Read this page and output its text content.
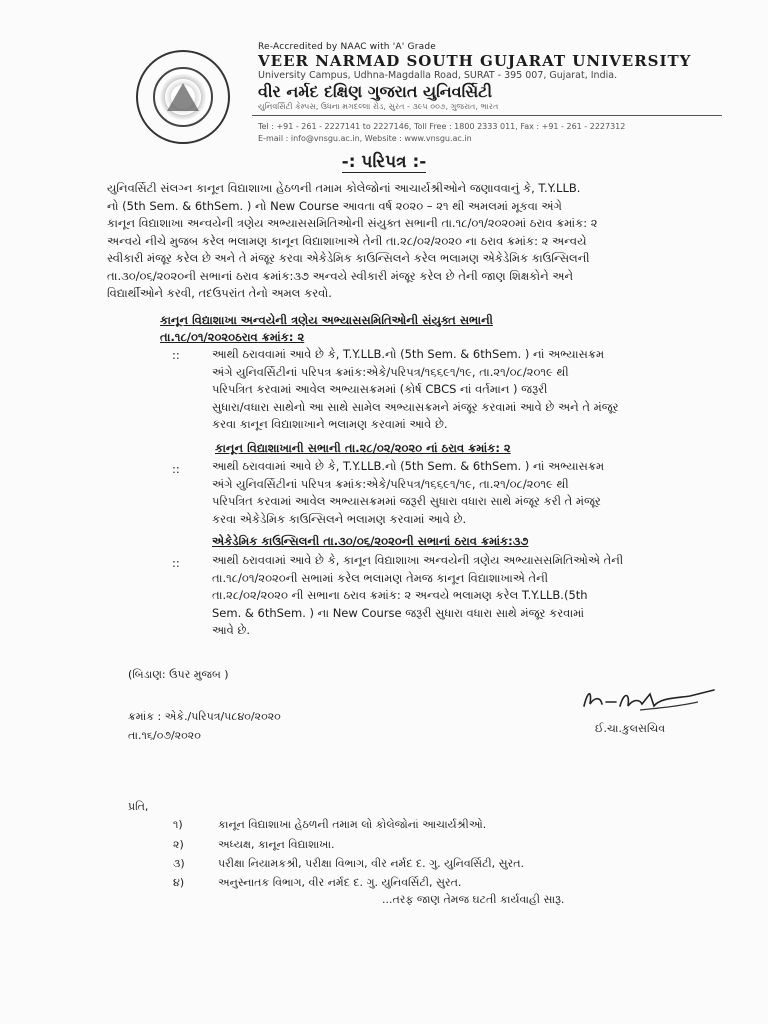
Re-Accredited by NAAC with 'A' Grade
VEER NARMAD SOUTH GUJARAT UNIVERSITY
University Campus, Udhna-Magdalla Road, SURAT - 395 007, Gujarat, India.
વીર નર્મદ દક્ષિણ ગુજરાત યુનિવર્સિટી
યુનિવર્સિટી કેમ્પસ, ઉધના મગદલ્લા રોડ, સુરત - ૩૯૫ ૦૦૭, ગુજરાત, ભારત
Tel : +91 - 261 - 2227141 to 2227146, Toll Free : 1800 2333 011, Fax : +91 - 261 - 2227312
E-mail : info@vnsgu.ac.in, Website : www.vnsgu.ac.in
-: પરિપત્ર :-
યુનિવર્સિટી સંલગ્ન કાનૂન વિદ્યાશાખા હેઠળની તમામ કોલેજોનાં આચાર્યશ્રીઓને જણાવવાનું કે, T.Y.LLB.
નો (5th Sem. & 6thSem. ) નો New Course આવતા વર્ષ ૨૦૨૦ – ૨૧ થી અમલમાં મૂકવા અંગે
કાનૂન વિદ્યાશાખા અન્વયેની ત્રણેય અભ્યાસસમિતિઓની સંયુક્ત સભાની તા.૧૮/૦૧/૨૦૨૦માં ઠરાવ ક્રમાંક: ૨
અન્વયે નીચે મુજબ કરેલ ભલામણ કાનૂન વિદ્યાશાખાએ તેની તા.૨૮/૦૨/૨૦૨૦ ના ઠરાવ ક્રમાંક: ૨ અન્વયે
સ્વીકારી મંજૂર કરેલ છે અને તે મંજૂર કરવા એકેડેમિક કાઉન્સિલને કરેલ ભલામણ એકેડેમિક કાઉન્સિલની
તા.૩૦/૦૬/૨૦૨૦ની સભાનાં ઠરાવ ક્રમાંક:૩૭ અન્વયે સ્વીકારી મંજૂર કરેલ છે તેની જાણ શિક્ષકોને અને
વિદ્યાર્થીઓને કરવી, તદઉપરાંત તેનો અમલ કરવો.
કાનૂન વિદ્યાશાખા અન્વયેની ત્રણેય અભ્યાસસમિતિઓની સંયુક્ત સભાની
તા.૧૮/૦૧/૨૦૨૦ઠરાવ ક્રમાંક: ૨
::	આથી ઠરાવવામાં આવે છે કે, T.Y.LLB.નો (5th Sem. & 6thSem. ) નાં અભ્યાસક્રમ
અંગે યુનિવર્સિટીનાં પરિપત્ર ક્રમાંક:એકે/પરિપત્ર/૧૬૬૯૧/૧૯, તા.૨૧/૦૮/૨૦૧૯ થી
પરિપત્રિત કરવામાં આવેલ અભ્યાસક્રમમાં (કોર્ષ CBCS નાં વર્તમાન ) જરૂરી
સુધારા/વધારા સાથેનો આ સાથે સામેલ અભ્યાસક્રમને મંજૂર કરવામાં આવે છે અને તે મંજૂર
કરવા કાનૂન વિદ્યાશાખાને ભલામણ કરવામાં આવે છે.
કાનૂન વિદ્યાશાખાની સભાની તા.૨૮/૦૨/૨૦૨૦ નાં ઠરાવ ક્રમાંક: ૨
::	આથી ઠરાવવામાં આવે છે કે, T.Y.LLB.નો (5th Sem. & 6thSem. ) નાં અભ્યાસક્રમ
અંગે યુનિવર્સિટીનાં પરિપત્ર ક્રમાંક:એકે/પરિપત્ર/૧૬૬૯૧/૧૯, તા.૨૧/૦૮/૨૦૧૯ થી
પરિપત્રિત કરવામાં આવેલ અભ્યાસક્રમમાં જરૂરી સુધારા વધારા સાથે મંજૂર કરી તે મંજૂર
કરવા એકેડેમિક કાઉન્સિલને ભલામણ કરવામાં આવે છે.
એકેડેમિક કાઉન્સિલની તા.૩૦/૦૬/૨૦૨૦ની સભાનાં ઠરાવ ક્રમાંક:૩૭
::	આથી ઠરાવવામાં આવે છે કે, કાનૂન વિદ્યાશાખા અન્વયેની ત્રણેય અભ્યાસસમિતિઓએ તેની
તા.૧૮/૦૧/૨૦૨૦ની સભામાં કરેલ ભલામણ તેમજ કાનૂન વિદ્યાશાખાએ તેની
તા.૨૮/૦૨/૨૦૨૦ ની સભાના ઠરાવ ક્રમાંક: ૨ અન્વયે ભલામણ કરેલ T.Y.LLB.(5th
Sem. & 6thSem. ) ના New Course જરૂરી સુધારા વધારા સાથે મંજૂર કરવામાં
આવે છે.
(બિડાણ: ઉપર મુજબ )
ક્રમાંક : એકે./પરિપત્ર/૫૮૪૦/૨૦૨૦
તા.૧૬/૦૭/૨૦૨૦
ઈ.ચા.કુલસચિવ
પ્રતિ,
૧)	કાનૂન વિદ્યાશાખા હેઠળની તમામ લો કોલેજોનાં આચાર્યશ્રીઓ.
૨)	અધ્યક્ષ, કાનૂન વિદ્યાશાખા.
૩)	પરીક્ષા નિયામકશ્રી, પરીક્ષા વિભાગ, વીર નર્મદ દ. ગુ. યુનિવર્સિટી, સુરત.
૪)	અનુસ્નાતક વિભાગ, વીર નર્મદ દ. ગુ. યુનિવર્સિટી, સુરત.
...તરફ જાણ તેમજ ઘટતી કાર્યવાહી સારૂ.
